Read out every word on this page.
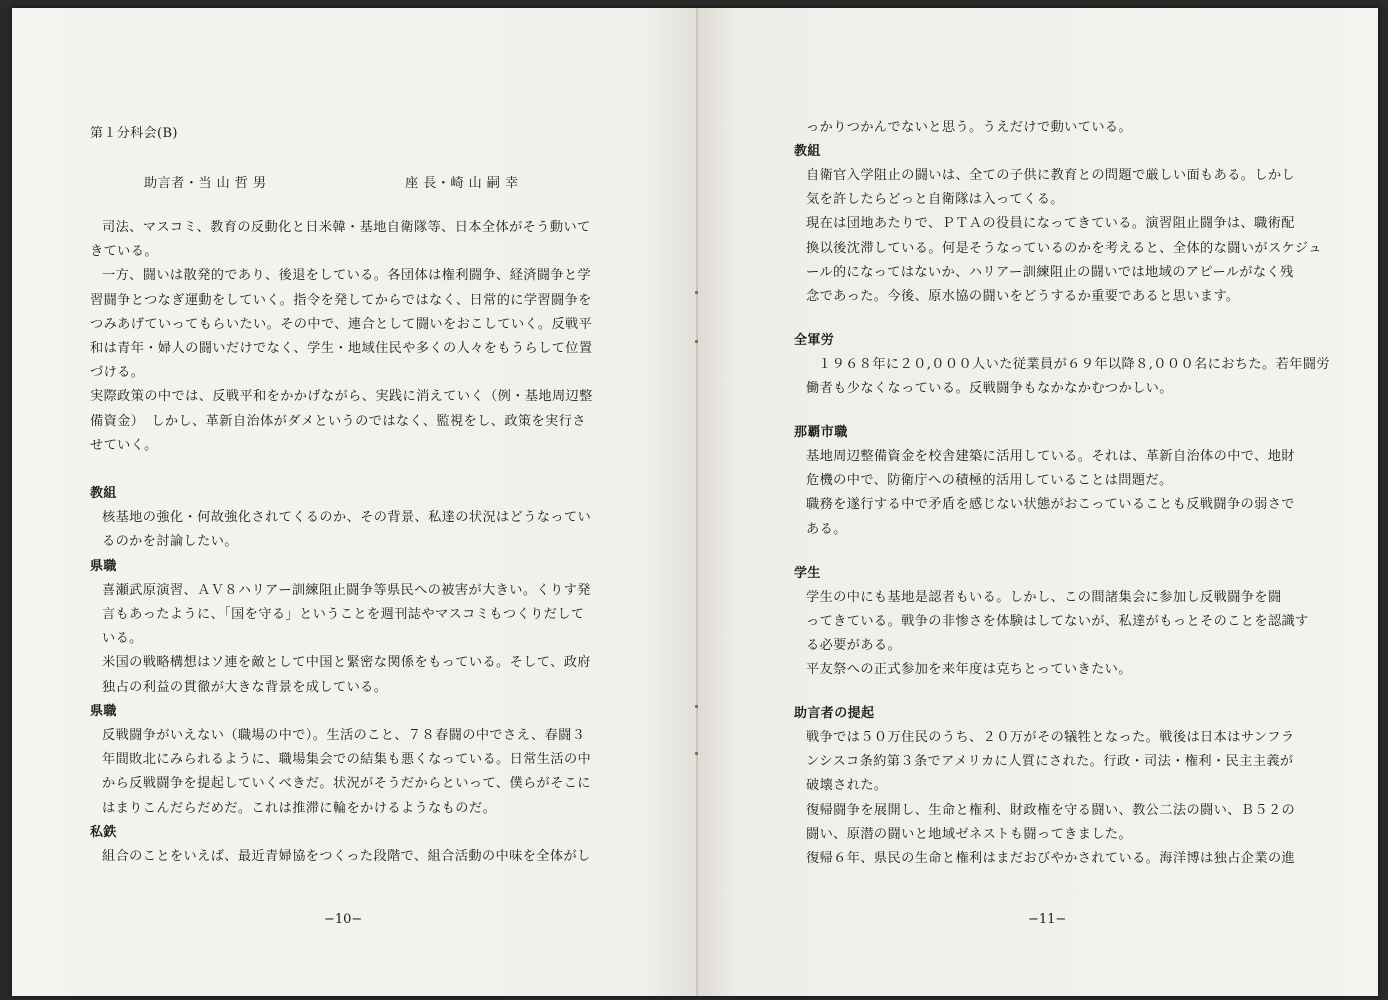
第１分科会(B)
助言者・当 山 哲 男	座 長・崎 山 嗣 幸
司法、マスコミ、教育の反動化と日米韓・基地自衛隊等、日本全体がそう動いて
きている。
一方、闘いは散発的であり、後退をしている。各団体は権利闘争、経済闘争と学
習闘争とつなぎ運動をしていく。指令を発してからではなく、日常的に学習闘争を
つみあげていってもらいたい。その中で、連合として闘いをおこしていく。反戦平
和は青年・婦人の闘いだけでなく、学生・地域住民や多くの人々をもうらして位置
づける。
実際政策の中では、反戦平和をかかげながら、実践に消えていく（例・基地周辺整
備資金）　しかし、革新自治体がダメというのではなく、監視をし、政策を実行さ
せていく。
教組
核基地の強化・何故強化されてくるのか、その背景、私達の状況はどうなってい
るのかを討論したい。
県職
喜瀬武原演習、ＡＶ８ハリアー訓練阻止闘争等県民への被害が大きい。くりす発
言もあったように、「国を守る」ということを週刊誌やマスコミもつくりだして
いる。
米国の戦略構想はソ連を敵として中国と緊密な関係をもっている。そして、政府
独占の利益の貫徹が大きな背景を成している。
県職
反戦闘争がいえない（職場の中で）。生活のこと、７８春闘の中でさえ、春闘３
年間敗北にみられるように、職場集会での結集も悪くなっている。日常生活の中
から反戦闘争を提起していくべきだ。状況がそうだからといって、僕らがそこに
はまりこんだらだめだ。これは推滞に輪をかけるようなものだ。
私鉄
組合のことをいえば、最近青婦協をつくった段階で、組合活動の中味を全体がし
−10−
っかりつかんでないと思う。うえだけで動いている。
教組
自衛官入学阻止の闘いは、全ての子供に教育との問題で厳しい面もある。しかし
気を許したらどっと自衛隊は入ってくる。
現在は団地あたりで、ＰＴＡの役員になってきている。演習阻止闘争は、職術配
換以後沈滞している。何是そうなっているのかを考えると、全体的な闘いがスケジュ
ール的になってはないか、ハリアー訓練阻止の闘いでは地域のアピールがなく残
念であった。今後、原水協の闘いをどうするか重要であると思います。
全軍労
１９６８年に２０,０００人いた従業員が６９年以降８,０００名におちた。若年闘労
働者も少なくなっている。反戦闘争もなかなかむつかしい。
那覇市職
基地周辺整備資金を校舎建築に活用している。それは、革新自治体の中で、地財
危機の中で、防衛庁への積極的活用していることは問題だ。
職務を遂行する中で矛盾を感じない状態がおこっていることも反戦闘争の弱さで
ある。
学生
学生の中にも基地是認者もいる。しかし、この間諸集会に参加し反戦闘争を闘
ってきている。戦争の非惨さを体験はしてないが、私達がもっとそのことを認識す
る必要がある。
平友祭への正式参加を来年度は克ちとっていきたい。
助言者の提起
戦争では５０万住民のうち、２０万がその犠牲となった。戦後は日本はサンフラ
ンシスコ条約第３条でアメリカに人質にされた。行政・司法・権利・民主主義が
破壊された。
復帰闘争を展開し、生命と権利、財政権を守る闘い、教公二法の闘い、Ｂ５２の
闘い、原潜の闘いと地域ゼネストも闘ってきました。
復帰６年、県民の生命と権利はまだおびやかされている。海洋博は独占企業の進
−11−
